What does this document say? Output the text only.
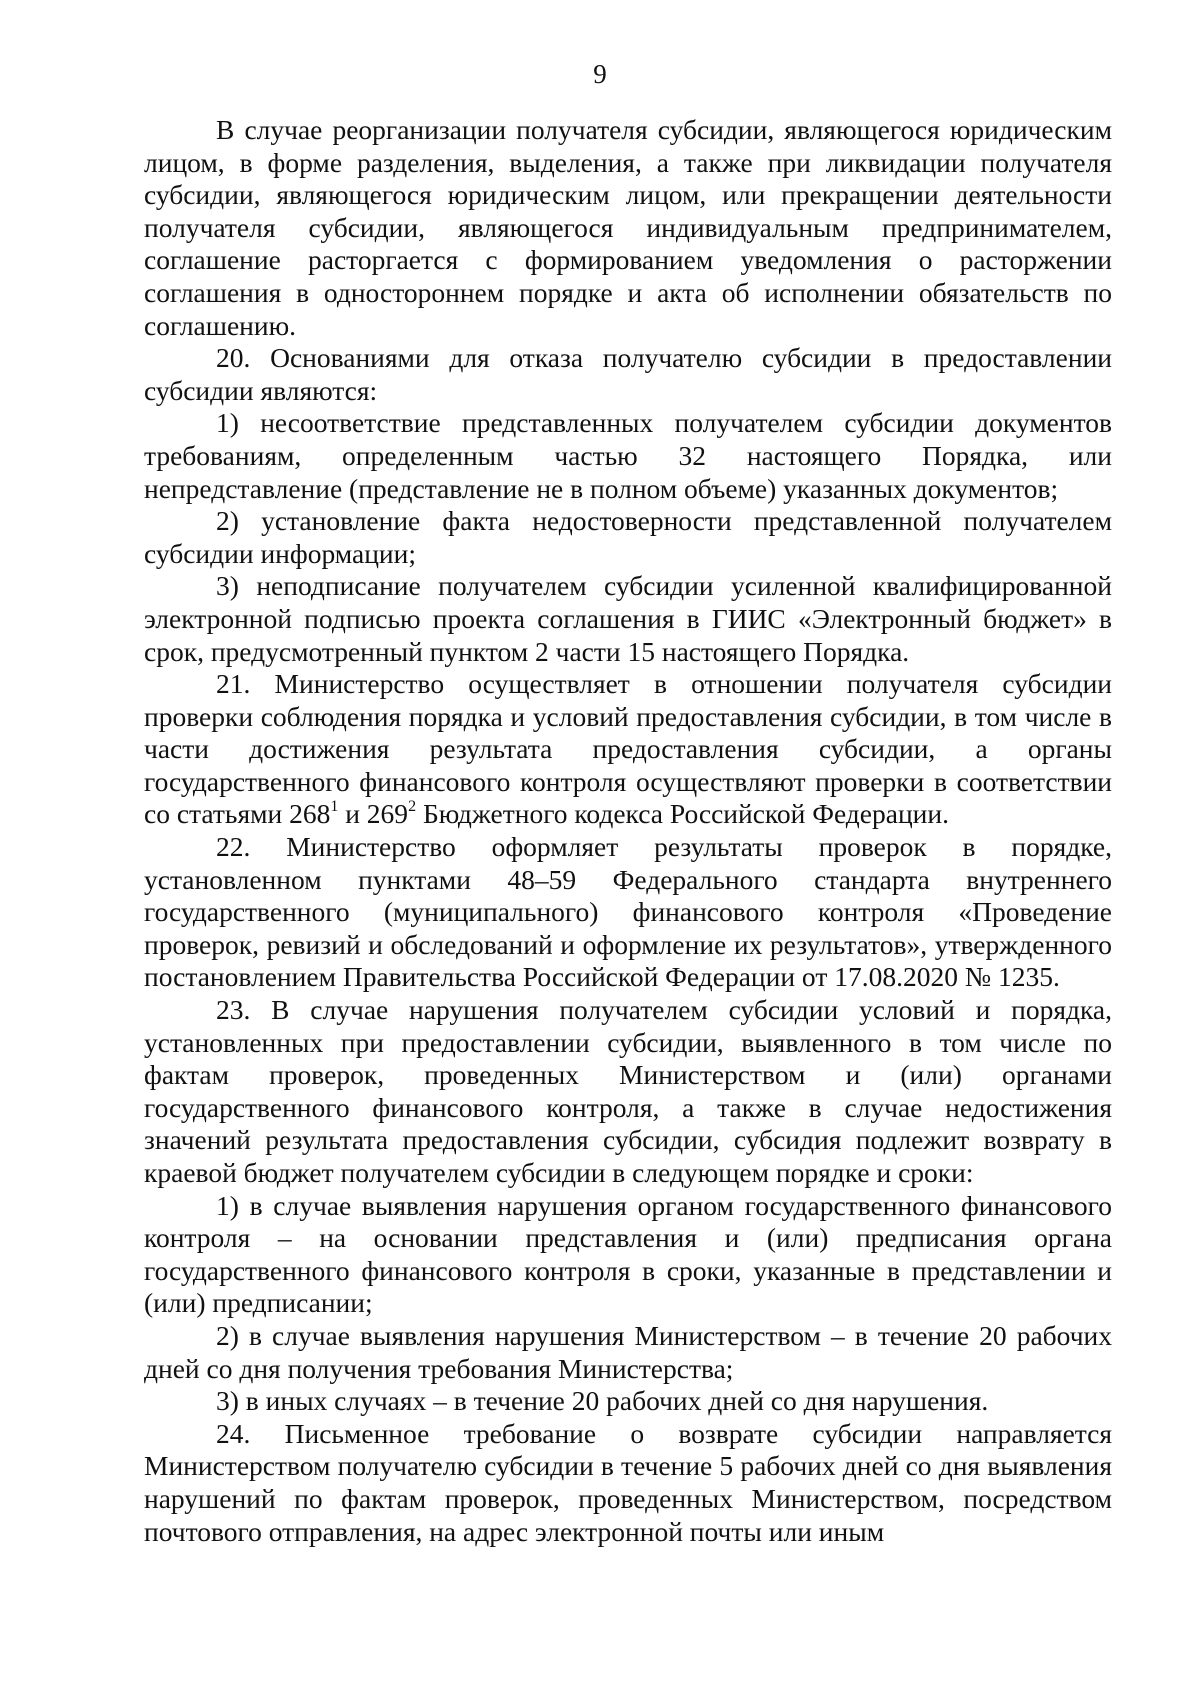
9

В случае реорганизации получателя субсидии, являющегося юридическим лицом, в форме разделения, выделения, а также при ликвидации получателя субсидии, являющегося юридическим лицом, или прекращении деятельности получателя субсидии, являющегося индивидуальным предпринимателем, соглашение расторгается с формированием уведомления о расторжении соглашения в одностороннем порядке и акта об исполнении обязательств по соглашению.

20. Основаниями для отказа получателю субсидии в предоставлении субсидии являются:

1) несоответствие представленных получателем субсидии документов требованиям, определенным частью 32 настоящего Порядка, или непредставление (представление не в полном объеме) указанных документов;

2) установление факта недостоверности представленной получателем субсидии информации;

3) неподписание получателем субсидии усиленной квалифицированной электронной подписью проекта соглашения в ГИИС «Электронный бюджет» в срок, предусмотренный пунктом 2 части 15 настоящего Порядка.

21. Министерство осуществляет в отношении получателя субсидии проверки соблюдения порядка и условий предоставления субсидии, в том числе в части достижения результата предоставления субсидии, а органы государственного финансового контроля осуществляют проверки в соответствии со статьями $268^1$ и $269^2$ Бюджетного кодекса Российской Федерации.

22. Министерство оформляет результаты проверок в порядке, установленном пунктами 48–59 Федерального стандарта внутреннего государственного (муниципального) финансового контроля «Проведение проверок, ревизий и обследований и оформление их результатов», утвержденного постановлением Правительства Российской Федерации от 17.08.2020 № 1235.

23. В случае нарушения получателем субсидии условий и порядка, установленных при предоставлении субсидии, выявленного в том числе по фактам проверок, проведенных Министерством и (или) органами государственного финансового контроля, а также в случае недостижения значений результата предоставления субсидии, субсидия подлежит возврату в краевой бюджет получателем субсидии в следующем порядке и сроки:

1) в случае выявления нарушения органом государственного финансового контроля – на основании представления и (или) предписания органа государственного финансового контроля в сроки, указанные в представлении и (или) предписании;

2) в случае выявления нарушения Министерством – в течение 20 рабочих дней со дня получения требования Министерства;

3) в иных случаях – в течение 20 рабочих дней со дня нарушения.

24. Письменное требование о возврате субсидии направляется Министерством получателю субсидии в течение 5 рабочих дней со дня выявления нарушений по фактам проверок, проведенных Министерством, посредством почтового отправления, на адрес электронной почты или иным
